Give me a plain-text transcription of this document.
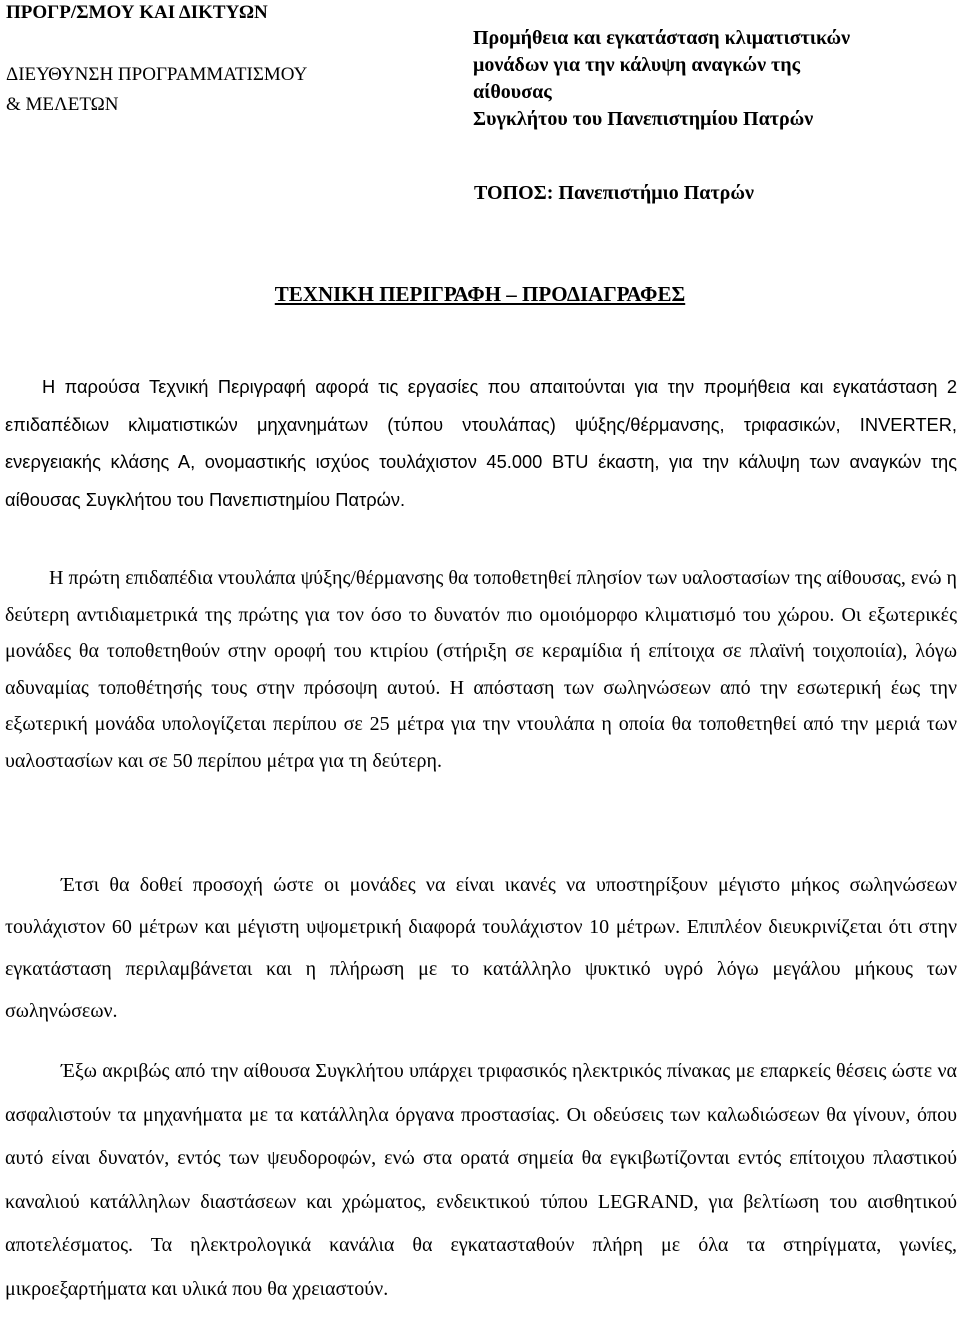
ΠΡΟΓΡ/ΣΜΟΥ ΚΑΙ ΔΙΚΤΥΩΝ
ΔΙΕΥΘΥΝΣΗ ΠΡΟΓΡΑΜΜΑΤΙΣΜΟΥ
& ΜΕΛΕΤΩΝ
Προμήθεια και εγκατάσταση κλιματιστικών
μονάδων για την κάλυψη αναγκών της
αίθουσας
Συγκλήτου του Πανεπιστημίου Πατρών
ΤΟΠΟΣ: Πανεπιστήμιο Πατρών
ΤΕΧΝΙΚΗ ΠΕΡΙΓΡΑΦΗ – ΠΡΟΔΙΑΓΡΑΦΕΣ
Η παρούσα Τεχνική Περιγραφή αφορά τις εργασίες που απαιτούνται για την προμήθεια και εγκατάσταση 2 επιδαπέδιων κλιματιστικών μηχανημάτων (τύπου ντουλάπας) ψύξης/θέρμανσης, τριφασικών, INVERTER, ενεργειακής κλάσης Α, ονομαστικής ισχύος τουλάχιστον 45.000 BTU έκαστη, για την κάλυψη των αναγκών της αίθουσας Συγκλήτου του Πανεπιστημίου Πατρών.
Η πρώτη επιδαπέδια ντουλάπα ψύξης/θέρμανσης θα τοποθετηθεί πλησίον των υαλοστασίων της αίθουσας, ενώ η δεύτερη αντιδιαμετρικά της πρώτης για τον όσο το δυνατόν πιο ομοιόμορφο κλιματισμό του χώρου. Οι εξωτερικές μονάδες θα τοποθετηθούν στην οροφή του κτιρίου (στήριξη σε κεραμίδια ή επίτοιχα σε πλαϊνή τοιχοποιία), λόγω αδυναμίας τοποθέτησής τους στην πρόσοψη αυτού. Η απόσταση των σωληνώσεων από την εσωτερική έως την εξωτερική μονάδα υπολογίζεται περίπου σε 25 μέτρα για την ντουλάπα η οποία θα τοποθετηθεί από την μεριά των υαλοστασίων και σε 50 περίπου μέτρα για τη δεύτερη.
Έτσι θα δοθεί προσοχή ώστε οι μονάδες να είναι ικανές να υποστηρίξουν μέγιστο μήκος σωληνώσεων τουλάχιστον 60 μέτρων και μέγιστη υψομετρική διαφορά τουλάχιστον 10 μέτρων. Επιπλέον διευκρινίζεται ότι στην εγκατάσταση περιλαμβάνεται και η πλήρωση με το κατάλληλο ψυκτικό υγρό λόγω μεγάλου μήκους των σωληνώσεων.
Έξω ακριβώς από την αίθουσα Συγκλήτου υπάρχει τριφασικός ηλεκτρικός πίνακας με επαρκείς θέσεις ώστε να ασφαλιστούν τα μηχανήματα με τα κατάλληλα όργανα προστασίας. Οι οδεύσεις των καλωδιώσεων θα γίνουν, όπου αυτό είναι δυνατόν, εντός των ψευδοροφών, ενώ στα ορατά σημεία θα εγκιβωτίζονται εντός επίτοιχου πλαστικού καναλιού κατάλληλων διαστάσεων και χρώματος, ενδεικτικού τύπου LEGRAND, για βελτίωση του αισθητικού αποτελέσματος. Τα ηλεκτρολογικά κανάλια θα εγκατασταθούν πλήρη με όλα τα στηρίγματα, γωνίες, μικροεξαρτήματα και υλικά που θα χρειαστούν.
